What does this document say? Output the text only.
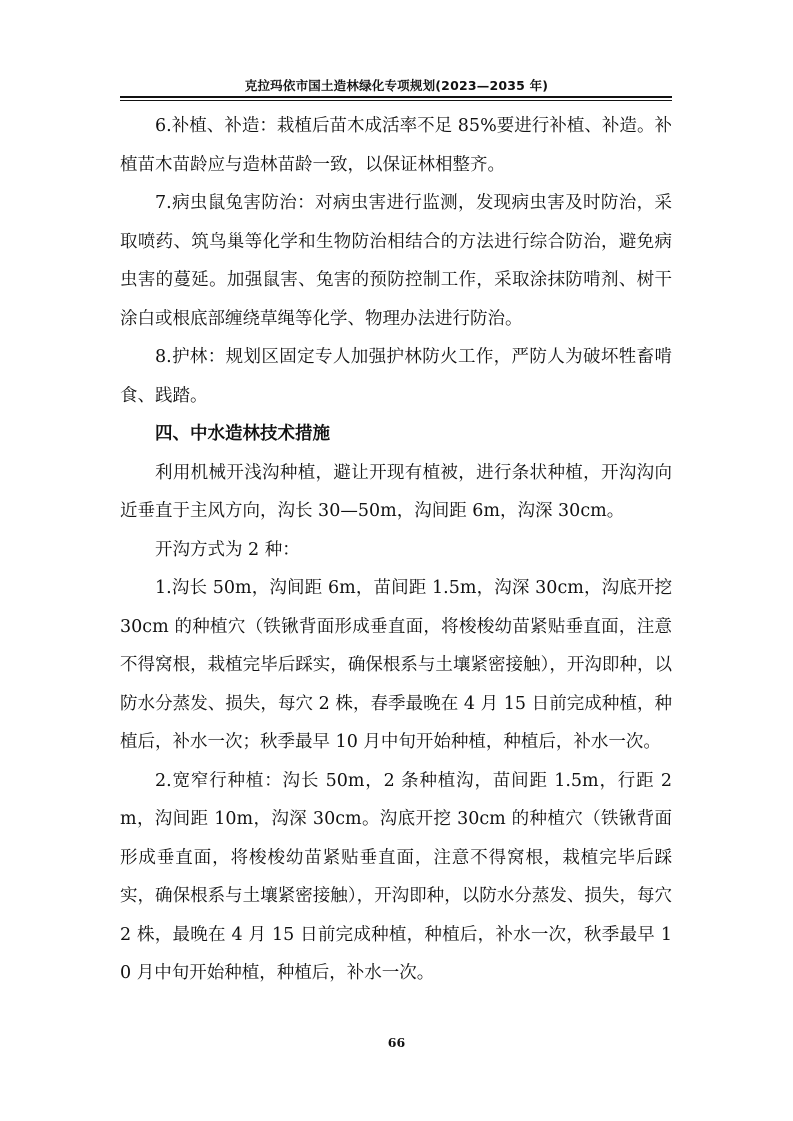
克拉玛依市国土造林绿化专项规划(2023—2035 年)

6.补植、补造：栽植后苗木成活率不足 85%要进行补植、补造。补植苗木苗龄应与造林苗龄一致，以保证林相整齐。

7.病虫鼠兔害防治：对病虫害进行监测，发现病虫害及时防治，采取喷药、筑鸟巢等化学和生物防治相结合的方法进行综合防治，避免病虫害的蔓延。加强鼠害、兔害的预防控制工作，采取涂抹防啃剂、树干涂白或根底部缠绕草绳等化学、物理办法进行防治。

8.护林：规划区固定专人加强护林防火工作，严防人为破坏牲畜啃食、践踏。

四、中水造林技术措施

利用机械开浅沟种植，避让开现有植被，进行条状种植，开沟沟向近垂直于主风方向，沟长 30—50m，沟间距 6m，沟深 30cm。

开沟方式为 2 种：

1.沟长 50m，沟间距 6m，苗间距 1.5m，沟深 30cm，沟底开挖 30cm 的种植穴（铁锹背面形成垂直面，将梭梭幼苗紧贴垂直面，注意不得窝根，栽植完毕后踩实，确保根系与土壤紧密接触），开沟即种，以防水分蒸发、损失，每穴 2 株，春季最晚在 4 月 15 日前完成种植，种植后，补水一次；秋季最早 10 月中旬开始种植，种植后，补水一次。

2.宽窄行种植：沟长 50m，2 条种植沟，苗间距 1.5m，行距 2m，沟间距 10m，沟深 30cm。沟底开挖 30cm 的种植穴（铁锹背面形成垂直面，将梭梭幼苗紧贴垂直面，注意不得窝根，栽植完毕后踩实，确保根系与土壤紧密接触），开沟即种，以防水分蒸发、损失，每穴 2 株，最晚在 4 月 15 日前完成种植，种植后，补水一次，秋季最早 10 月中旬开始种植，种植后，补水一次。

66
